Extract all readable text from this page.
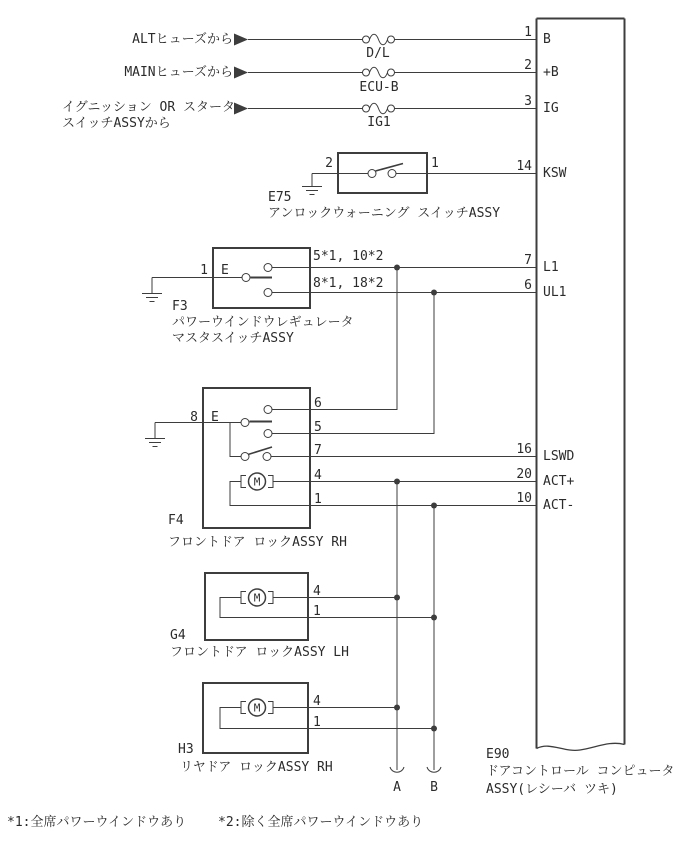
ALTヒューズから
MAINヒューズから
イグニッション OR スタータ
スイッチASSYから
D/L
ECU-B
IG1
1
2
3
14
7
6
16
20
10
B
+B
IG
KSW
L1
UL1
LSWD
ACT+
ACT-
2	1
E75
アンロックウォーニング スイッチASSY
1 E
5*1, 10*2
8*1, 18*2
F3
パワーウインドウレギュレータ
マスタスイッチASSY
8 E
6
5
7
4
1
F4
フロントドア ロックASSY RH
4
1
G4
フロントドア ロックASSY LH
4
1
H3
リヤドア ロックASSY RH
E90
ドアコントロール コンピュータ
ASSY(レシーバ ツキ)
M
M
M
A B
*1:全席パワーウインドウあり *2:除く全席パワーウインドウあり
